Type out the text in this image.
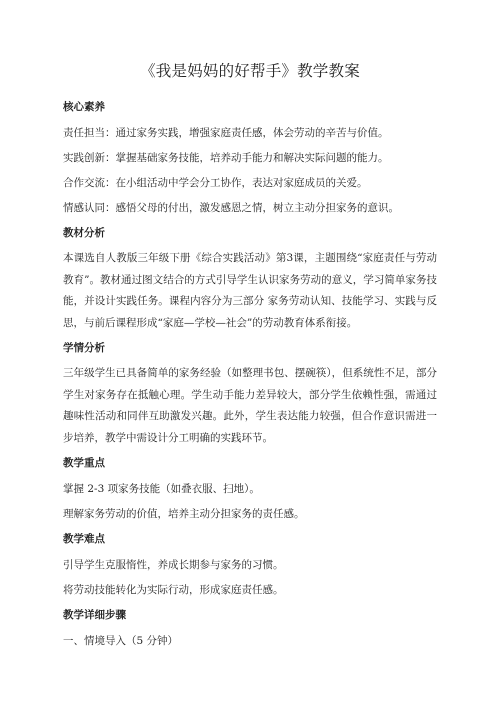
《我是妈妈的好帮手》教学教案
核心素养

责任担当：通过家务实践，增强家庭责任感，体会劳动的辛苦与价值。

实践创新：掌握基础家务技能，培养动手能力和解决实际问题的能力。

合作交流：在小组活动中学会分工协作，表达对家庭成员的关爱。

情感认同：感悟父母的付出，激发感恩之情，树立主动分担家务的意识。

教材分析

本课选自人教版三年级下册《综合实践活动》第3课，主题围绕“家庭责任与劳动教育”。教材通过图文结合的方式引导学生认识家务劳动的意义，学习简单家务技能，并设计实践任务。课程内容分为三部分 家务劳动认知、技能学习、实践与反思，与前后课程形成“家庭—学校—社会”的劳动教育体系衔接。

学情分析

三年级学生已具备简单的家务经验（如整理书包、摆碗筷），但系统性不足，部分学生对家务存在抵触心理。学生动手能力差异较大，部分学生依赖性强，需通过趣味性活动和同伴互助激发兴趣。此外，学生表达能力较强，但合作意识需进一步培养，教学中需设计分工明确的实践环节。

教学重点

掌握 2-3 项家务技能（如叠衣服、扫地）。

理解家务劳动的价值，培养主动分担家务的责任感。

教学难点

引导学生克服惰性，养成长期参与家务的习惯。

将劳动技能转化为实际行动，形成家庭责任感。

教学详细步骤

一、情境导入（5 分钟）
